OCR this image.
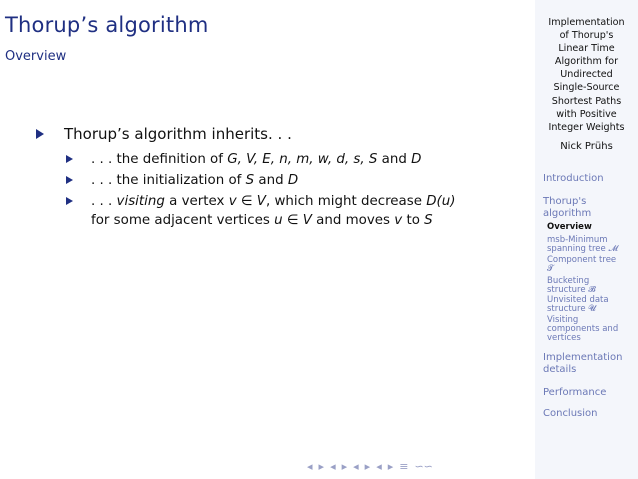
Thorup’s algorithm
Overview
Thorup’s algorithm inherits. . .
. . . the definition of G, V, E, n, m, w, d, s, S and D
. . . the initialization of S and D
. . . visiting a vertex v ∈ V, which might decrease D(u)
for some adjacent vertices u ∈ V and moves v to S
◂ ▸ ◂ ▸ ◂ ▸ ◂ ▸ ≡ ∽∽
Implementation
of Thorup's
Linear Time
Algorithm for
Undirected
Single-Source
Shortest Paths
with Positive
Integer Weights
Nick Prühs
Introduction
Thorup's
algorithm
Overview
msb-Minimum
spanning tree 𝓜
Component tree
𝓣
Bucketing
structure 𝓑
Unvisited data
structure 𝓤
Visiting
components and
vertices
Implementation
details
Performance
Conclusion
